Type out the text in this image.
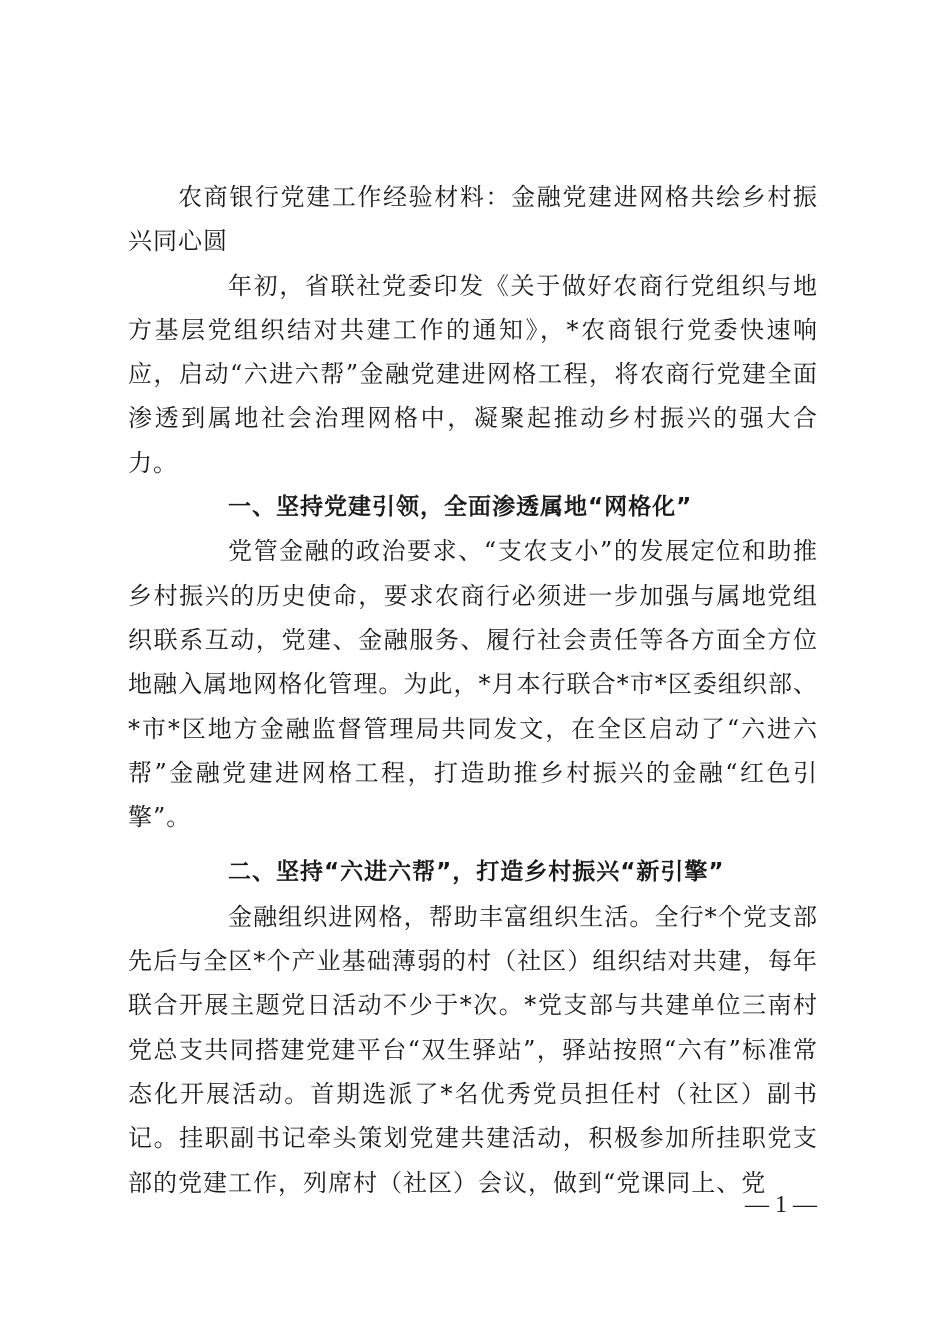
农商银行党建工作经验材料：金融党建进网格共绘乡村振兴同心圆

年初，省联社党委印发《关于做好农商行党组织与地方基层党组织结对共建工作的通知》，*农商银行党委快速响应，启动“六进六帮”金融党建进网格工程，将农商行党建全面渗透到属地社会治理网格中，凝聚起推动乡村振兴的强大合力。

一、坚持党建引领，全面渗透属地“网格化”

党管金融的政治要求、“支农支小”的发展定位和助推乡村振兴的历史使命，要求农商行必须进一步加强与属地党组织联系互动，党建、金融服务、履行社会责任等各方面全方位地融入属地网格化管理。为此，*月本行联合*市*区委组织部、*市*区地方金融监督管理局共同发文，在全区启动了“六进六帮”金融党建进网格工程，打造助推乡村振兴的金融“红色引擎”。

二、坚持“六进六帮”，打造乡村振兴“新引擎”

金融组织进网格，帮助丰富组织生活。全行*个党支部先后与全区*个产业基础薄弱的村（社区）组织结对共建，每年联合开展主题党日活动不少于*次。*党支部与共建单位三南村党总支共同搭建党建平台“双生驿站”，驿站按照“六有”标准常态化开展活动。首期选派了*名优秀党员担任村（社区）副书记。挂职副书记牵头策划党建共建活动，积极参加所挂职党支部的党建工作，列席村（社区）会议，做到“党课同上、党

— 1 —
